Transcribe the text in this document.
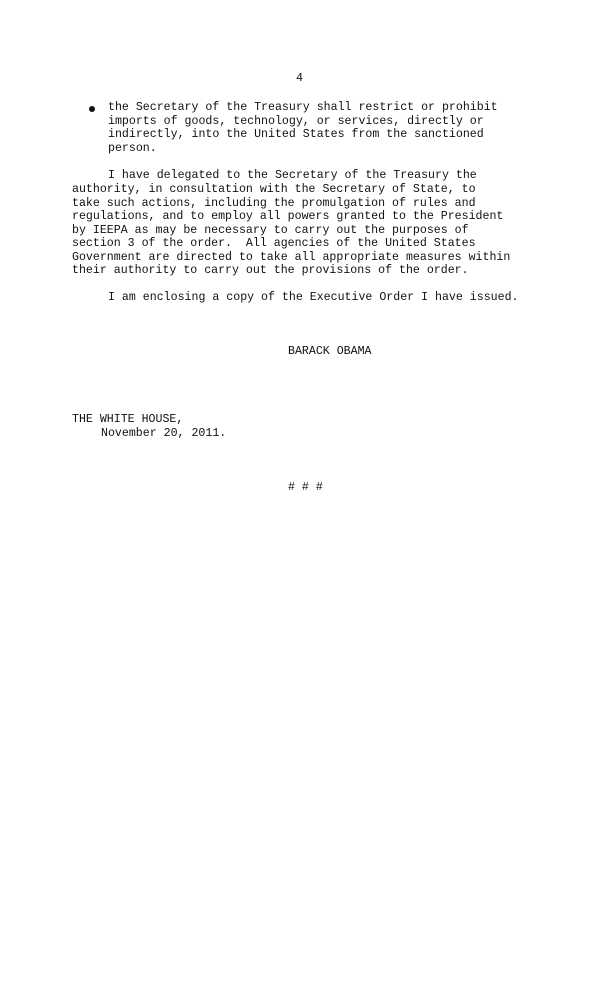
4
the Secretary of the Treasury shall restrict or prohibit
imports of goods, technology, or services, directly or
indirectly, into the United States from the sanctioned
person.
I have delegated to the Secretary of the Treasury the
authority, in consultation with the Secretary of State, to
take such actions, including the promulgation of rules and
regulations, and to employ all powers granted to the President
by IEEPA as may be necessary to carry out the purposes of
section 3 of the order.  All agencies of the United States
Government are directed to take all appropriate measures within
their authority to carry out the provisions of the order.
I am enclosing a copy of the Executive Order I have issued.
BARACK OBAMA
THE WHITE HOUSE,
November 20, 2011.
# # #
